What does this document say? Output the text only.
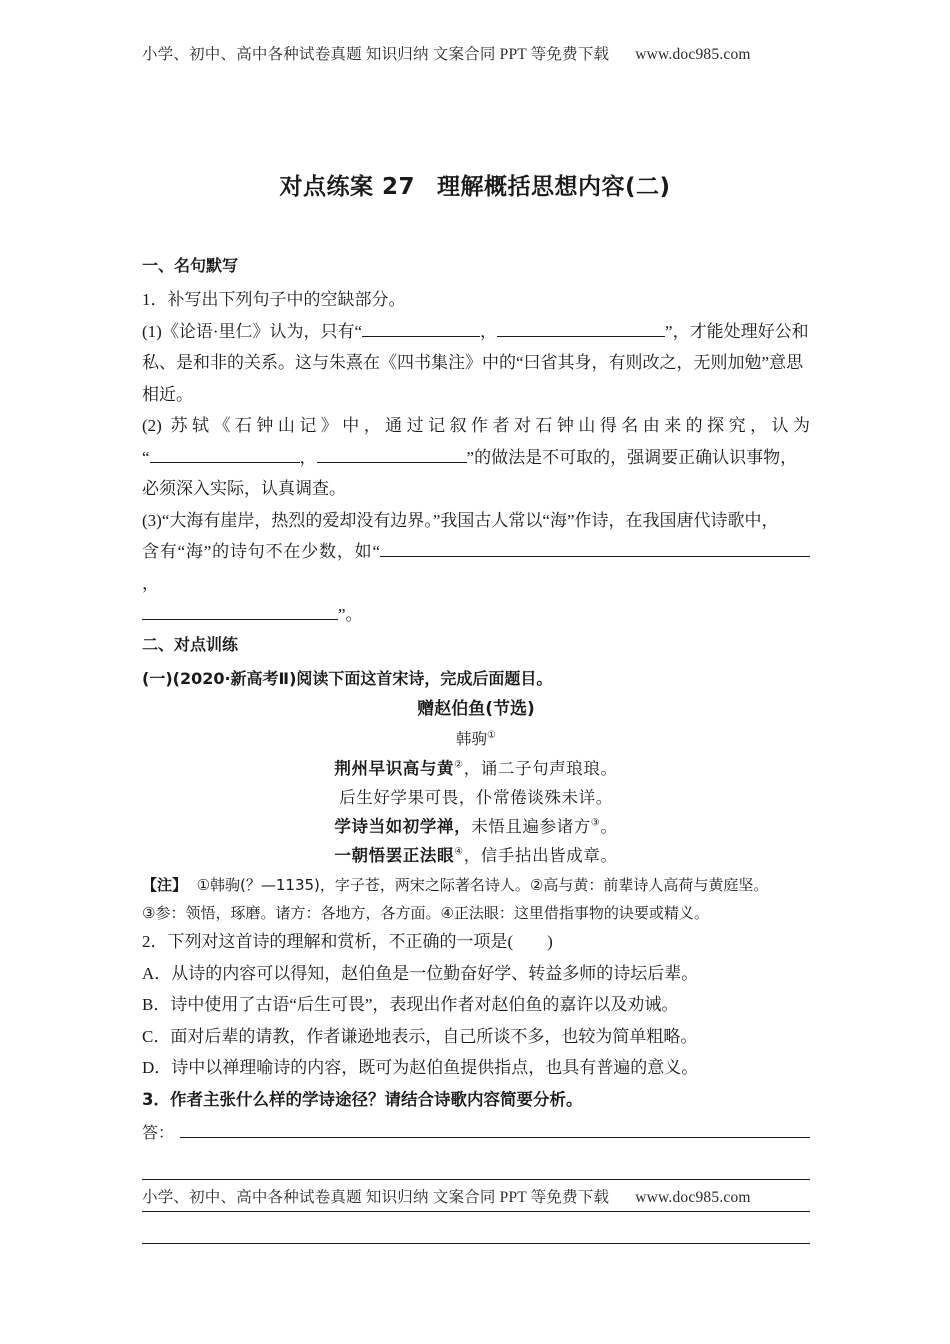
小学、初中、高中各种试卷真题 知识归纳 文案合同 PPT 等免费下载 www.doc985.com
对点练案 27 理解概括思想内容(二)

一、名句默写

1．补写出下列句子中的空缺部分。

(1)《论语·里仁》认为，只有“	，	”，才能处理好公和

私、是和非的关系。这与朱熹在《四书集注》中的“曰省其身，有则改之，无则加勉”意思

相近。

(2) 苏轼《石钟山记》中，通过记叙作者对石钟山得名由来的探究，认为

“	，	”的做法是不可取的，强调要正确认识事物，

必须深入实际，认真调查。

(3)“大海有崖岸，热烈的爱却没有边界。”我国古人常以“海”作诗，在我国唐代诗歌中，

含有“海”的诗句不在少数，如“，

”。

二、对点训练

(一)(2020·新高考Ⅱ)阅读下面这首宋诗，完成后面题目。

赠赵伯鱼(节选)

韩驹①

荆州早识高与黄②，诵二子句声琅琅。

后生好学果可畏，仆常倦谈殊未详。

学诗当如初学禅，未悟且遍参诸方③。

一朝悟罢正法眼④，信手拈出皆成章。

【注】 ①韩驹(？—1135)，字子苍，两宋之际著名诗人。②高与黄：前辈诗人高荷与黄庭坚。

③参：领悟，琢磨。诸方：各地方，各方面。④正法眼：这里借指事物的诀要或精义。

2．下列对这首诗的理解和赏析，不正确的一项是( )

A．从诗的内容可以得知，赵伯鱼是一位勤奋好学、转益多师的诗坛后辈。

B．诗中使用了古语“后生可畏”，表现出作者对赵伯鱼的嘉许以及劝诫。

C．面对后辈的请教，作者谦逊地表示，自己所谈不多，也较为简单粗略。

D．诗中以禅理喻诗的内容，既可为赵伯鱼提供指点，也具有普遍的意义。

3．作者主张什么样的学诗途径？请结合诗歌内容简要分析。

答：
小学、初中、高中各种试卷真题 知识归纳 文案合同 PPT 等免费下载 www.doc985.com
